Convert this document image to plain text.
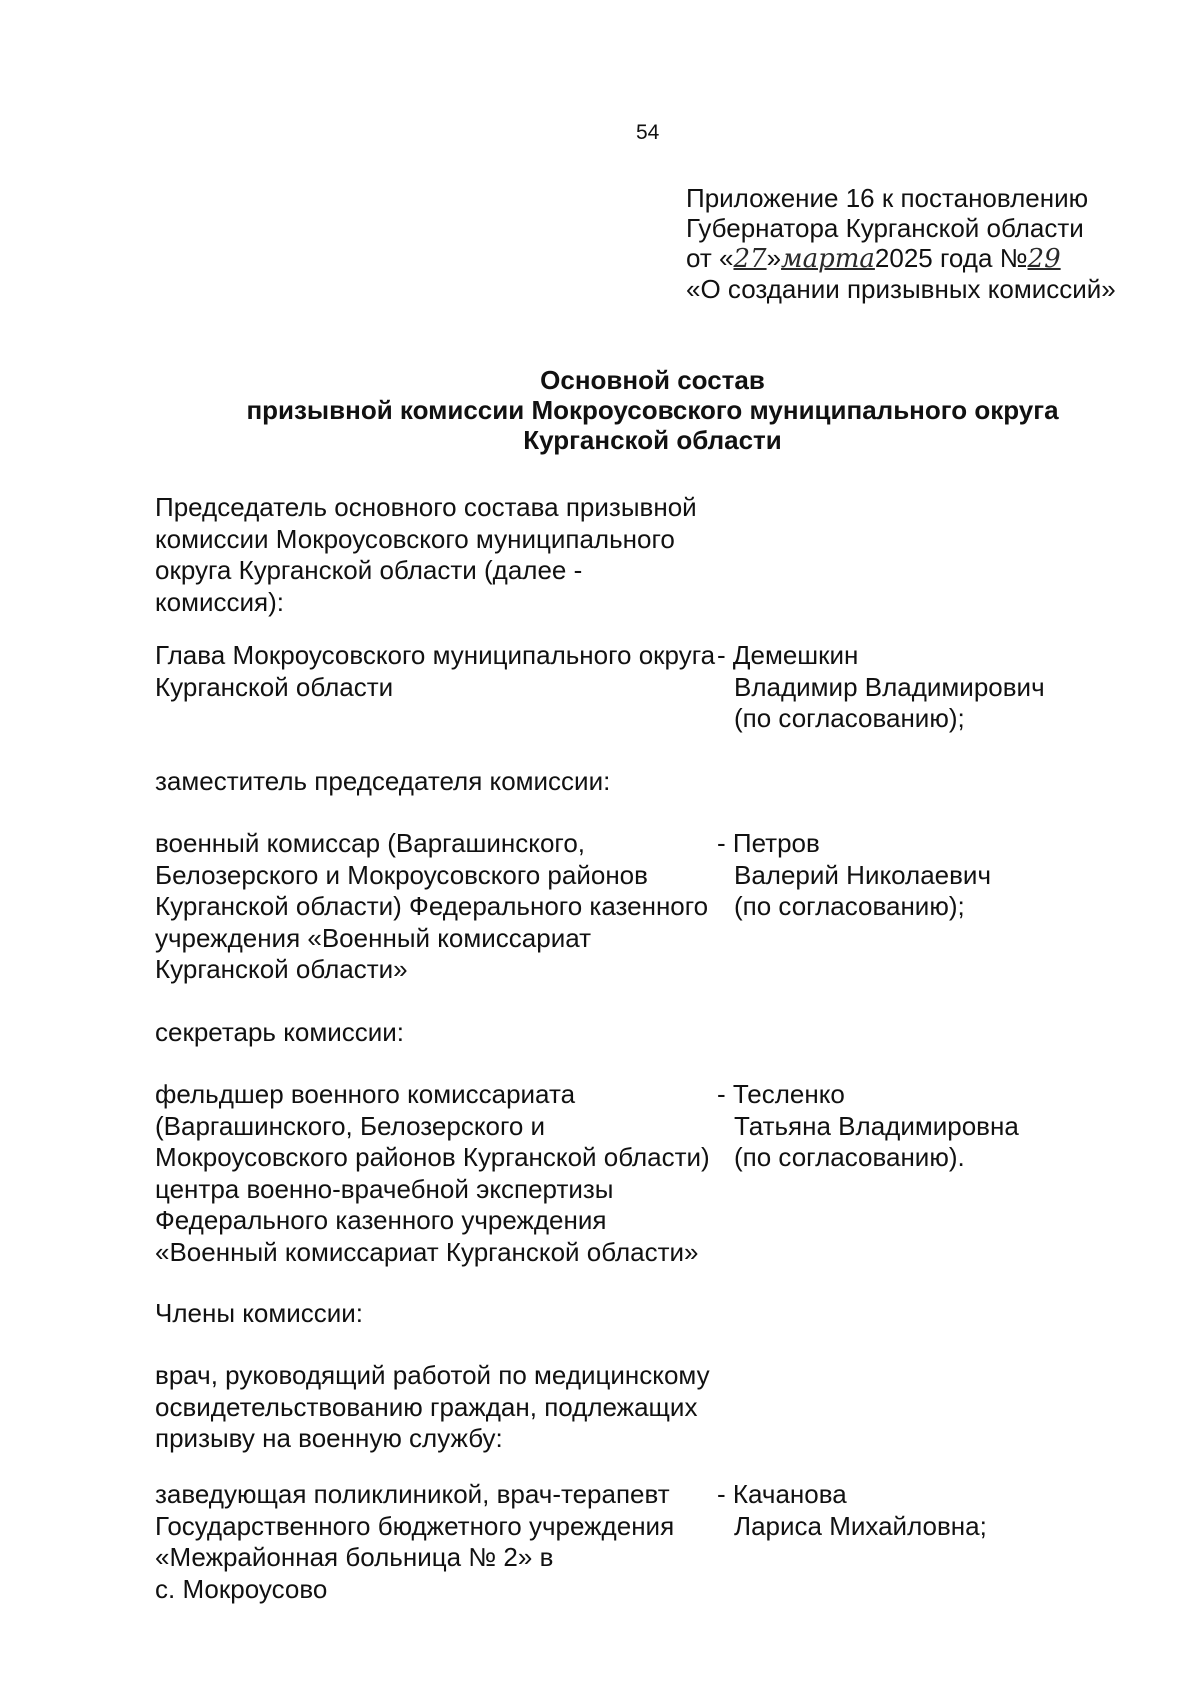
54
Приложение 16 к постановлению
Губернатора Курганской области
от «27»марта2025 года №29
«О создании призывных комиссий»
Основной состав
призывной комиссии Мокроусовского муниципального округа
Курганской области
Председатель основного состава призывной
комиссии Мокроусовского муниципального
округа Курганской области (далее -
комиссия):
Глава Мокроусовского муниципального округа
Курганской области
- Демешкин
Владимир Владимирович
(по согласованию);
заместитель председателя комиссии:
военный комиссар (Варгашинского,
Белозерского и Мокроусовского районов
Курганской области) Федерального казенного
учреждения «Военный комиссариат
Курганской области»
- Петров
Валерий Николаевич
(по согласованию);
секретарь комиссии:
фельдшер военного комиссариата
(Варгашинского, Белозерского и
Мокроусовского районов Курганской области)
центра военно-врачебной экспертизы
Федерального казенного учреждения
«Военный комиссариат Курганской области»
- Тесленко
Татьяна Владимировна
(по согласованию).
Члены комиссии:
врач, руководящий работой по медицинскому
освидетельствованию граждан, подлежащих
призыву на военную службу:
заведующая поликлиникой, врач-терапевт
Государственного бюджетного учреждения
«Межрайонная больница № 2» в
с. Мокроусово
- Качанова
Лариса Михайловна;
